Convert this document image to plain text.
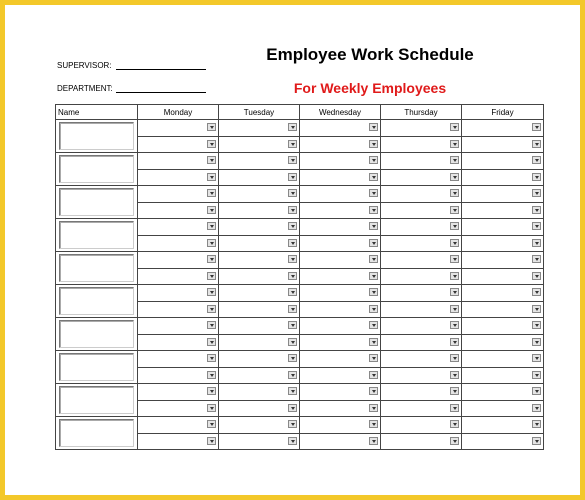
SUPERVISOR:
DEPARTMENT:
Employee Work Schedule
For Weekly Employees
Name	Monday	Tuesday	Wednesday	Thursday	Friday
